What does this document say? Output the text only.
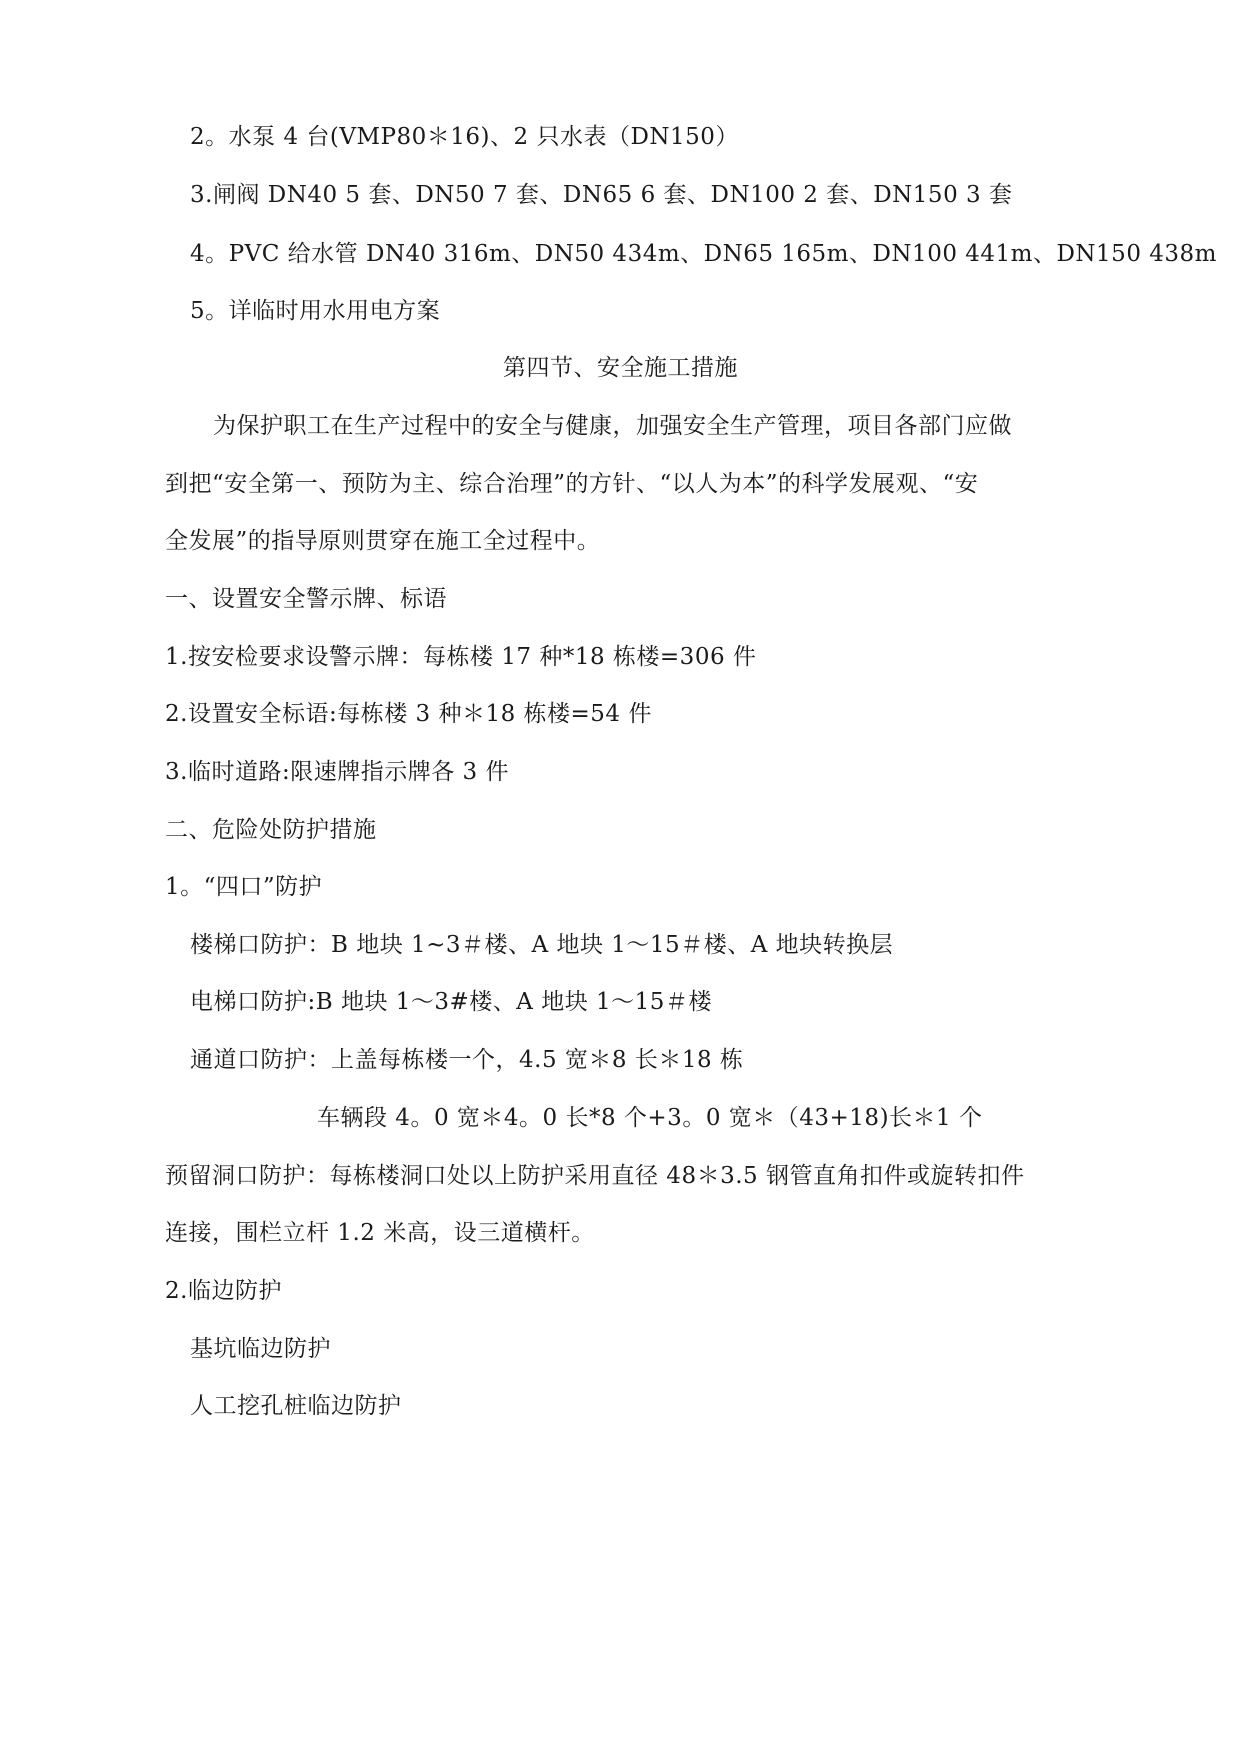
2。水泵 4 台(VMP80＊16)、2 只水表（DN150）
3.闸阀 DN40 5 套、DN50 7 套、DN65 6 套、DN100 2 套、DN150 3 套
4。PVC 给水管 DN40 316m、DN50 434m、DN65 165m、DN100 441m、DN150 438m
5。详临时用水用电方案
第四节、安全施工措施
为保护职工在生产过程中的安全与健康，加强安全生产管理，项目各部门应做
到把“安全第一、预防为主、综合治理”的方针、“以人为本”的科学发展观、“安
全发展”的指导原则贯穿在施工全过程中。
一、设置安全警示牌、标语
1.按安检要求设警示牌：每栋楼 17 种*18 栋楼=306 件
2.设置安全标语:每栋楼 3 种＊18 栋楼=54 件
3.临时道路:限速牌指示牌各 3 件
二、危险处防护措施
1。“四口”防护
楼梯口防护：B 地块 1~3＃楼、A 地块 1～15＃楼、A 地块转换层
电梯口防护:B 地块 1～3#楼、A 地块 1～15＃楼
通道口防护：上盖每栋楼一个，4.5 宽＊8 长＊18 栋
车辆段 4。0 宽＊4。0 长*8 个+3。0 宽＊（43+18)长＊1 个
预留洞口防护：每栋楼洞口处以上防护采用直径 48＊3.5 钢管直角扣件或旋转扣件
连接，围栏立杆 1.2 米高，设三道横杆。
2.临边防护
基坑临边防护
人工挖孔桩临边防护
